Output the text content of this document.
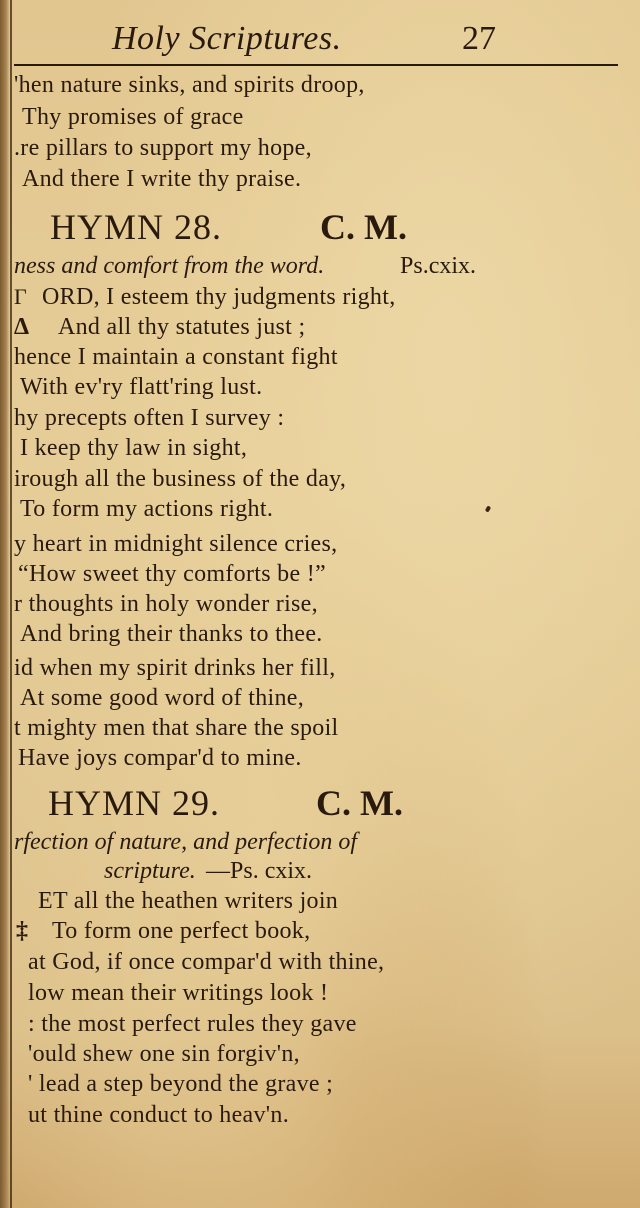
Holy Scriptures.	27
'hen nature sinks, and spirits droop,
Thy promises of grace
.re pillars to support my hope,
And there I write thy praise.
HYMN 28.	C. M.
ness and comfort from the word.	Ps.cxix.
Γ ORD, I esteem thy judgments right,
Δ And all thy statutes just ;
hence I maintain a constant fight
With ev'ry flatt'ring lust.
hy precepts often I survey :
I keep thy law in sight,
irough all the business of the day,
To form my actions right.
y heart in midnight silence cries,
“How sweet thy comforts be !”
r thoughts in holy wonder rise,
And bring their thanks to thee.
id when my spirit drinks her fill,
At some good word of thine,
t mighty men that share the spoil
Have joys compar'd to mine.
HYMN 29.	C. M.
rfection of nature, and perfection of
scripture. —Ps. cxix.
ET all the heathen writers join
‡ To form one perfect book,
at God, if once compar'd with thine,
low mean their writings look !
: the most perfect rules they gave
'ould shew one sin forgiv'n,
' lead a step beyond the grave ;
ut thine conduct to heav'n.
